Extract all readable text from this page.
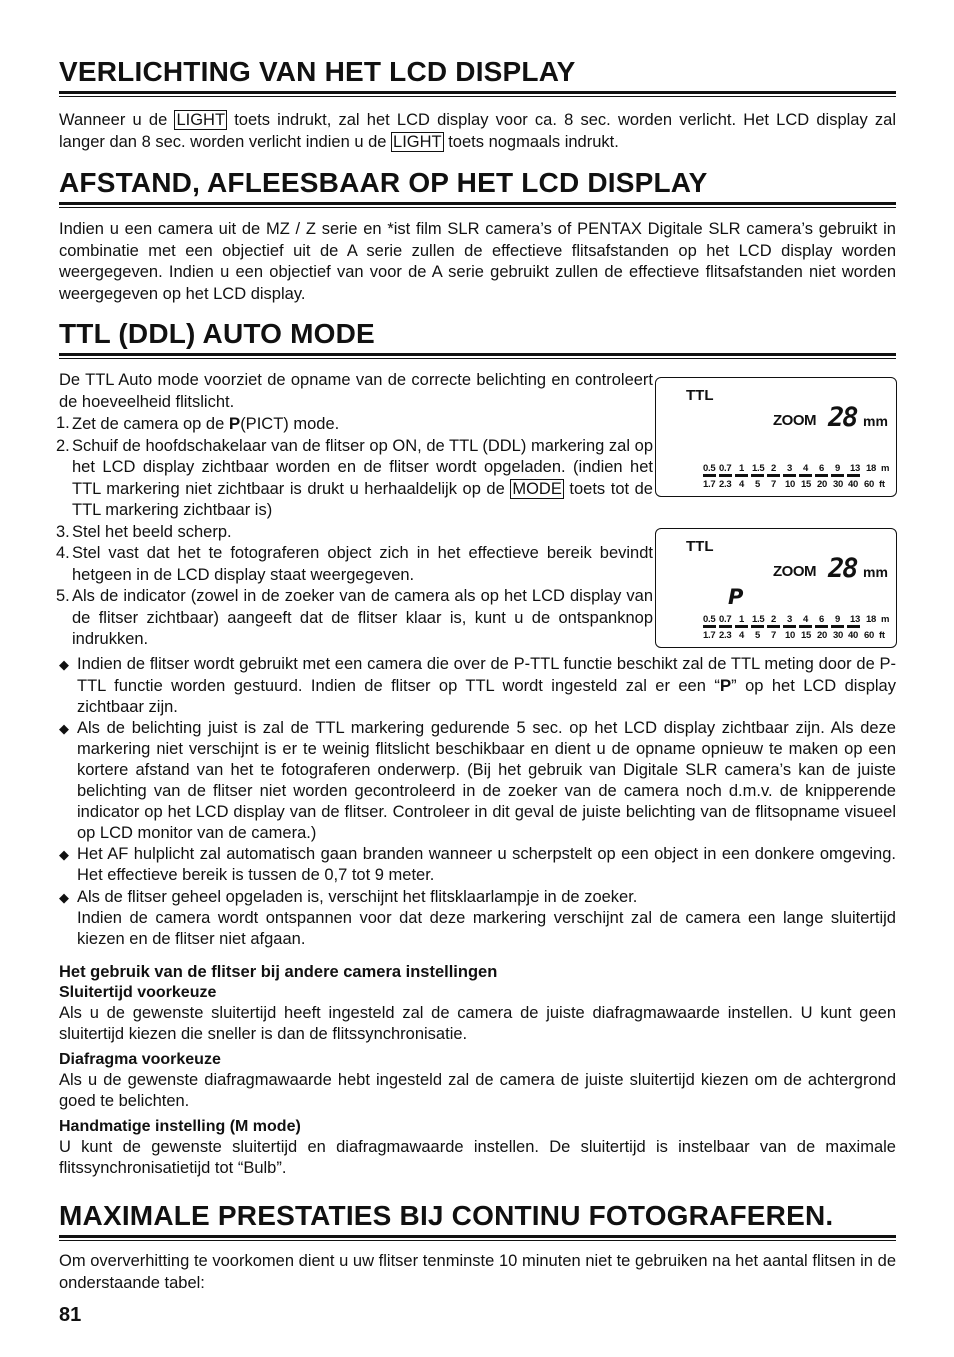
VERLICHTING VAN HET LCD DISPLAY

Wanneer u de LIGHT toets indrukt, zal het LCD display voor ca. 8 sec. worden verlicht. Het LCD display zal langer dan 8 sec. worden verlicht indien u de LIGHT toets nogmaals indrukt.

AFSTAND, AFLEESBAAR OP HET LCD DISPLAY

Indien u een camera uit de MZ / Z serie en *ist film SLR camera’s of PENTAX Digitale SLR camera’s gebruikt in combinatie met een objectief uit de A serie zullen de effectieve flitsafstanden op het LCD display worden weergegeven. Indien u een objectief van voor de A serie gebruikt zullen de effectieve flitsafstanden niet worden weergegeven op het LCD display.

TTL (DDL) AUTO MODE

De TTL Auto mode voorziet de opname van de correcte belichting en controleert de hoeveelheid flitslicht.

1. Zet de camera op de P(PICT) mode.
2. Schuif de hoofdschakelaar van de flitser op ON, de TTL (DDL) markering zal op het LCD display zichtbaar worden en de flitser wordt opgeladen. (indien het TTL markering niet zichtbaar is drukt u herhaaldelijk op de MODE toets tot de TTL markering zichtbaar is)
3. Stel het beeld scherp.
4. Stel vast dat het te fotograferen object zich in het effectieve bereik bevindt hetgeen in de LCD display staat weergegeven.
5. Als de indicator (zowel in de zoeker van de camera als op het LCD display van de flitser zichtbaar) aangeeft dat de flitser klaar is, kunt u de ontspanknop indrukken.
◆ Indien de flitser wordt gebruikt met een camera die over de P-TTL functie beschikt zal de TTL meting door de P-TTL functie worden gestuurd. Indien de flitser op TTL wordt ingesteld zal er een “P” op het LCD display zichtbaar zijn.
◆ Als de belichting juist is zal de TTL markering gedurende 5 sec. op het LCD display zichtbaar zijn. Als deze markering niet verschijnt is er te weinig flitslicht beschikbaar en dient u de opname opnieuw te maken op een kortere afstand van het te fotograferen onderwerp. (Bij het gebruik van Digitale SLR camera’s kan de juiste belichting van de flitser niet worden gecontroleerd in de zoeker van de camera noch d.m.v. de knipperende indicator op het LCD display van de flitser. Controleer in dit geval de juiste belichting van de flitsopname visueel op LCD monitor van de camera.)
◆ Het AF hulplicht zal automatisch gaan branden wanneer u scherpstelt op een object in een donkere omgeving. Het effectieve bereik is tussen de 0,7 tot 9 meter.
◆ Als de flitser geheel opgeladen is, verschijnt het flitsklaarlampje in de zoeker.
Indien de camera wordt ontspannen voor dat deze markering verschijnt zal de camera een lange sluitertijd kiezen en de flitser niet afgaan.
Het gebruik van de flitser bij andere camera instellingen
Sluitertijd voorkeuze

Als u de gewenste sluitertijd heeft ingesteld zal de camera de juiste diafragmawaarde instellen. U kunt geen sluitertijd kiezen die sneller is dan de flitssynchronisatie.

Diafragma voorkeuze

Als u de gewenste diafragmawaarde hebt ingesteld zal de camera de juiste sluitertijd kiezen om de achtergrond goed te belichten.

Handmatige instelling (M mode)

U kunt de gewenste sluitertijd en diafragmawaarde instellen. De sluitertijd is instelbaar van de maximale flitssynchronisatietijd tot “Bulb”.

MAXIMALE PRESTATIES BIJ CONTINU FOTOGRAFEREN.

Om oververhitting te voorkomen dient u uw flitser tenminste 10 minuten niet te gebruiken na het aantal flitsen in de onderstaande tabel:

TTL
ZOOM 28 mm
0.5 0.7 1 1.5 2 3 4 6 9 13 18 m
1.7 2.3 4 5 7 10 15 20 30 40 60 ft
TTL
ZOOM 28 mm
P
0.5 0.7 1 1.5 2 3 4 6 9 13 18 m
1.7 2.3 4 5 7 10 15 20 30 40 60 ft
81
